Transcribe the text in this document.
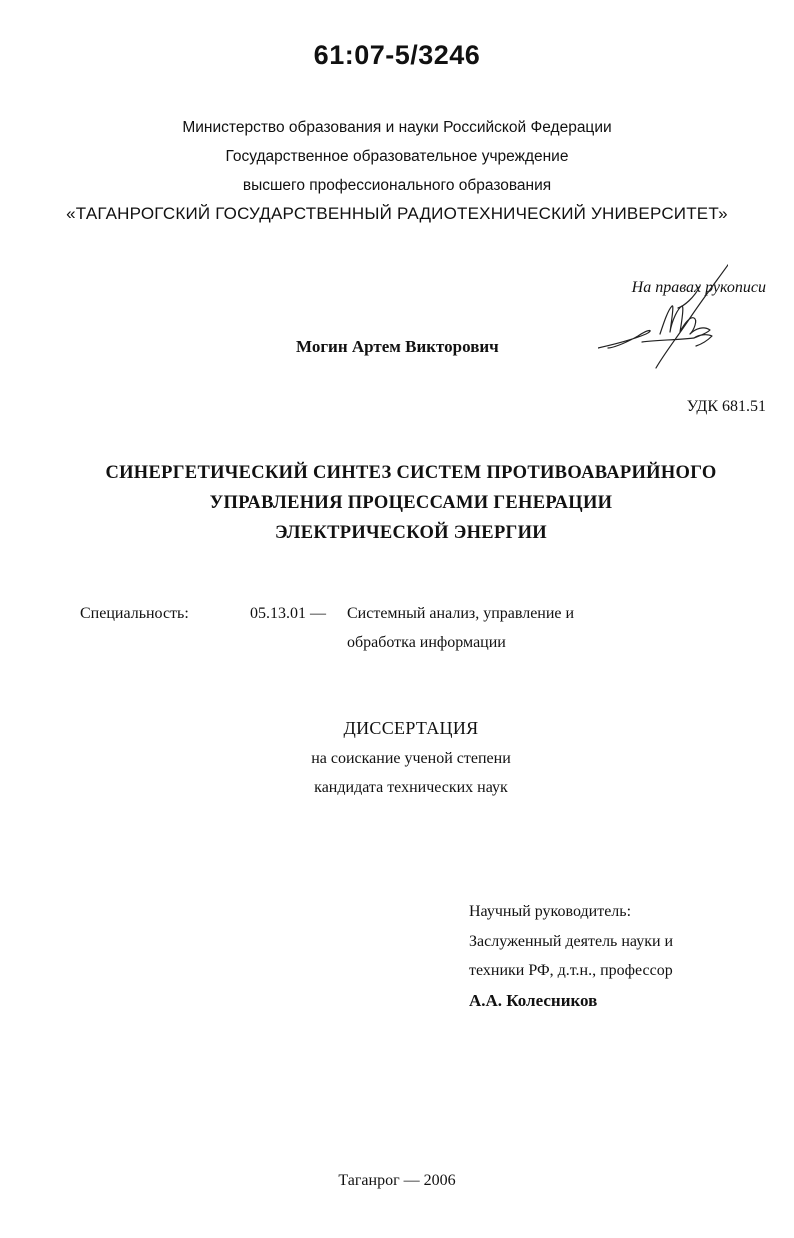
61:07-5/3246
Министерство образования и науки Российской Федерации
Государственное образовательное учреждение
высшего профессионального образования
«ТАГАНРОГСКИЙ ГОСУДАРСТВЕННЫЙ РАДИОТЕХНИЧЕСКИЙ УНИВЕРСИТЕТ»
На правах рукописи
Могин Артем Викторович
УДК 681.51
СИНЕРГЕТИЧЕСКИЙ СИНТЕЗ СИСТЕМ ПРОТИВОАВАРИЙНОГО
УПРАВЛЕНИЯ ПРОЦЕССАМИ ГЕНЕРАЦИИ
ЭЛЕКТРИЧЕСКОЙ ЭНЕРГИИ
Специальность:	05.13.01 — Системный анализ, управление и
обработка информации
ДИССЕРТАЦИЯ
на соискание ученой степени
кандидата технических наук
Научный руководитель:
Заслуженный деятель науки и
техники РФ, д.т.н., профессор
А.А. Колесников
Таганрог — 2006
